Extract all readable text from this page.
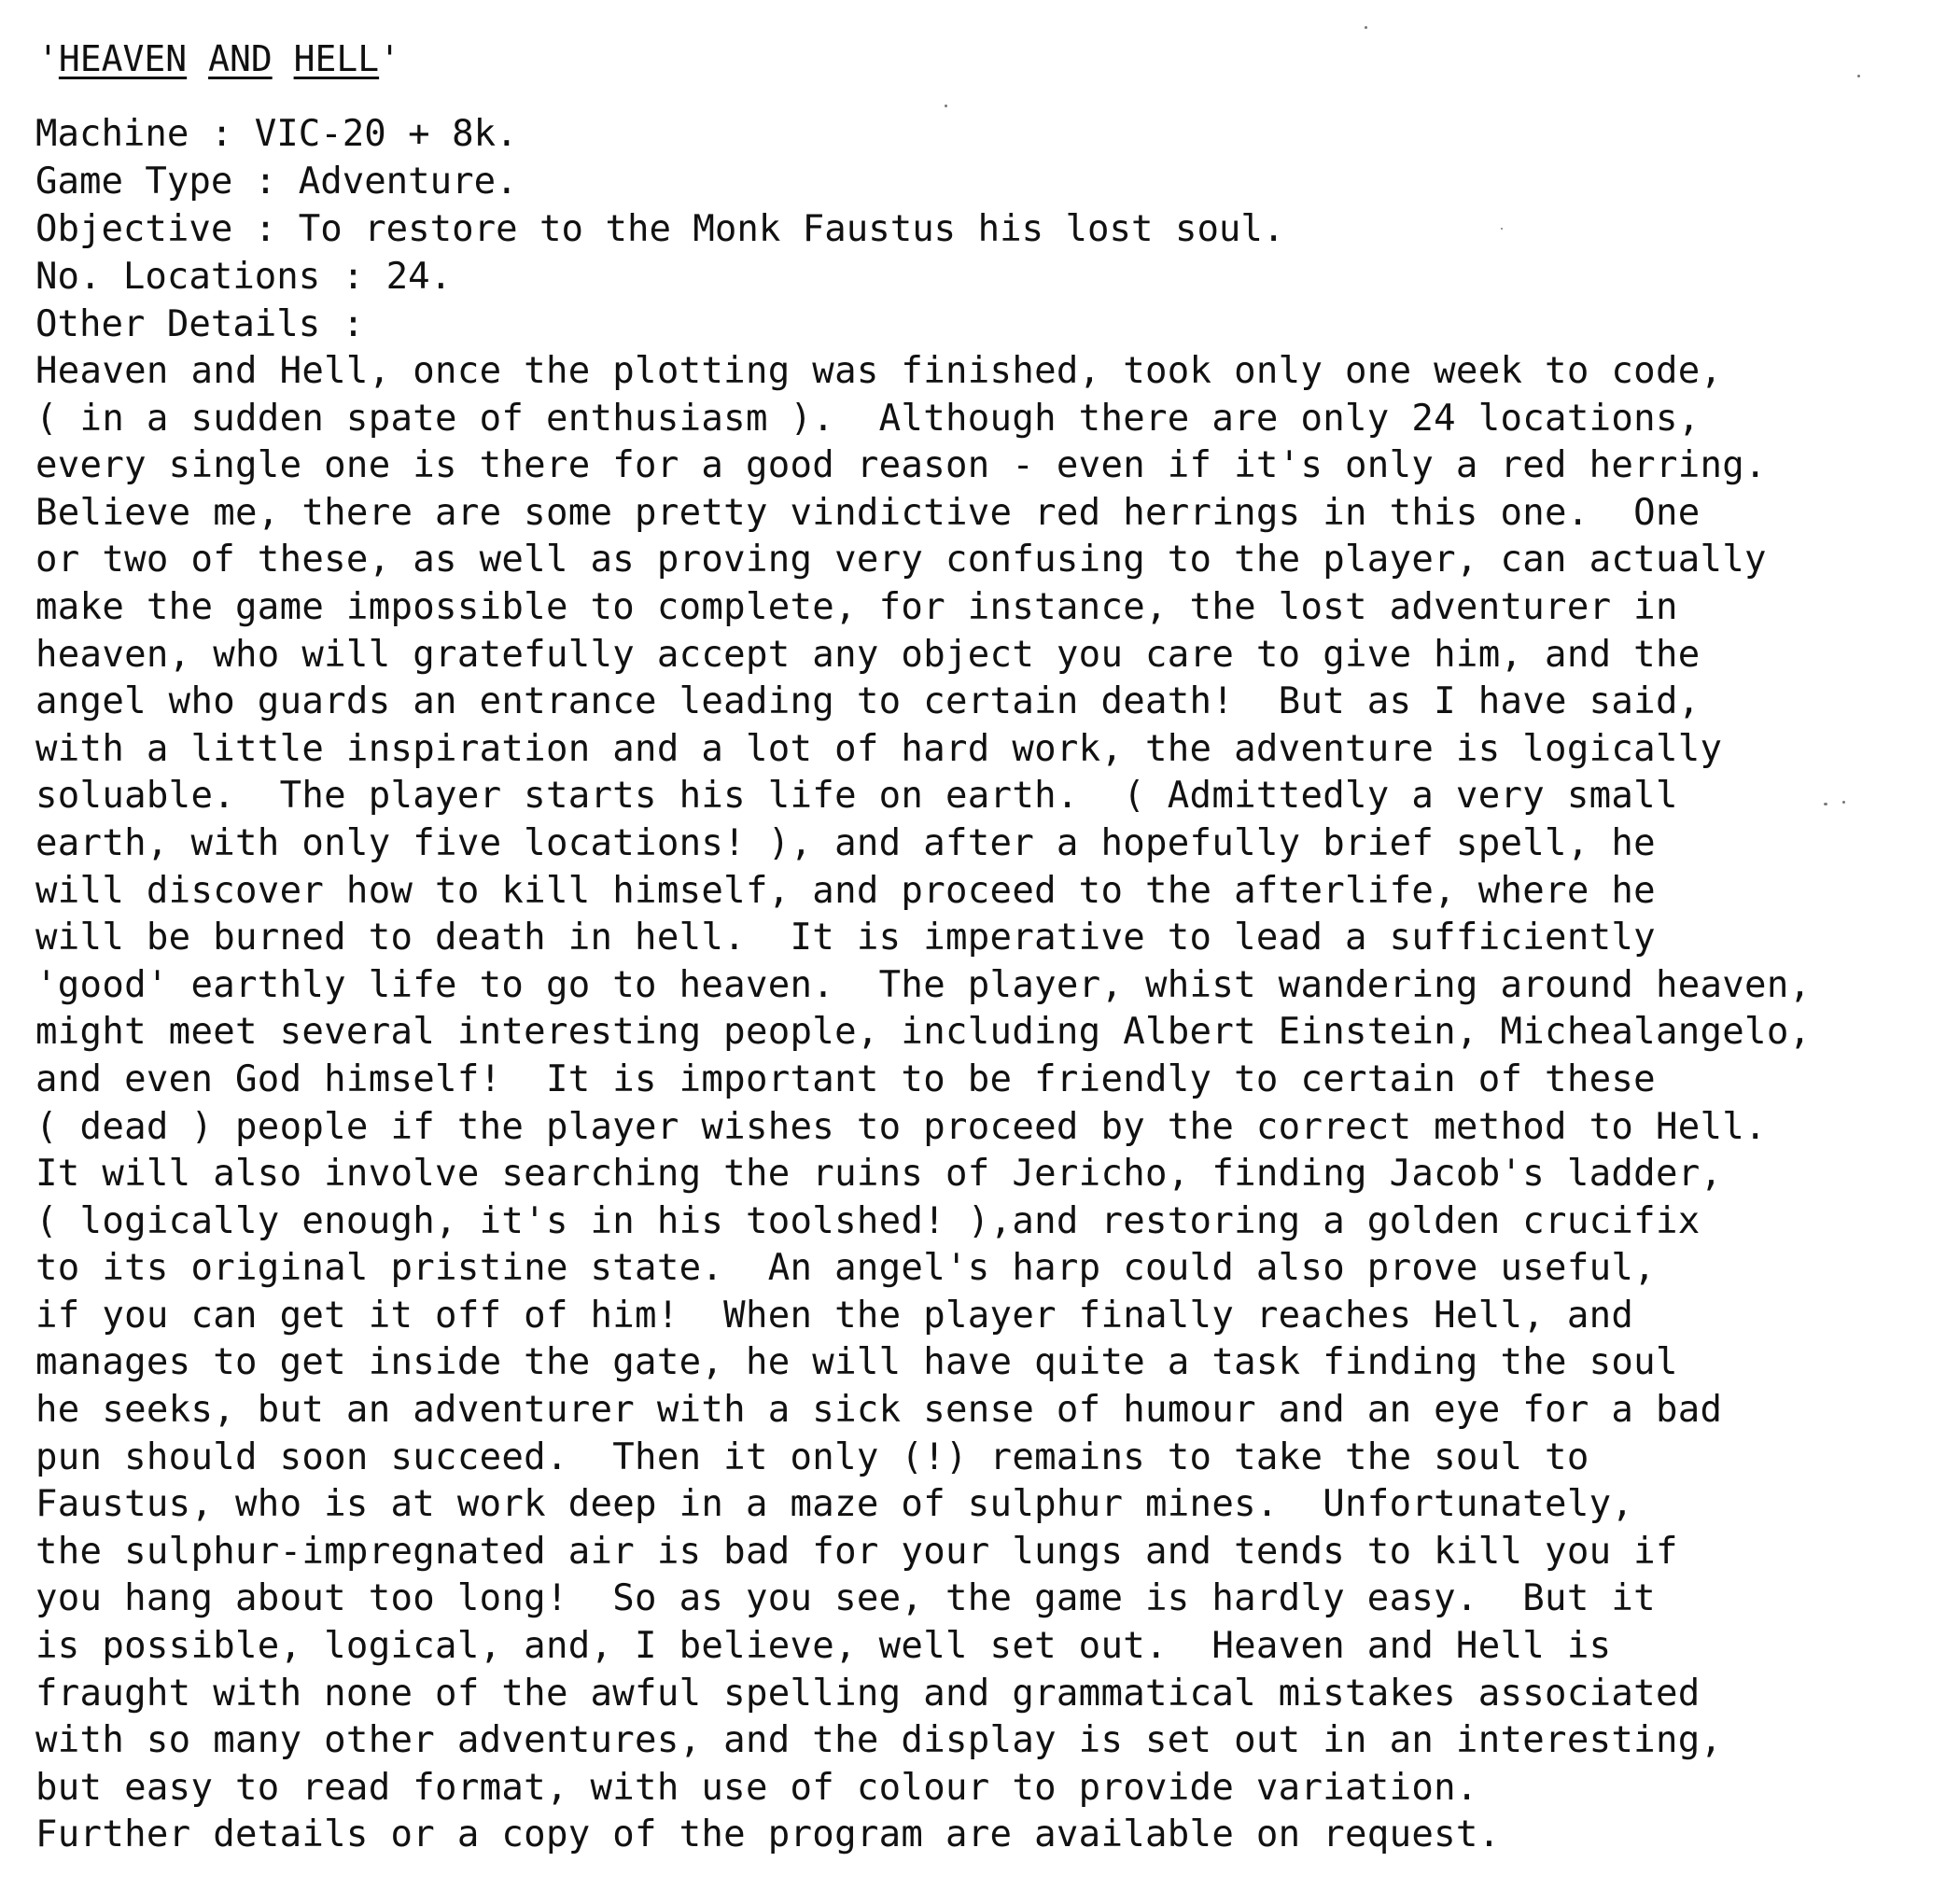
'HEAVEN AND HELL'
Machine : VIC-20 + 8k.
Game Type : Adventure.
Objective : To restore to the Monk Faustus his lost soul.
No. Locations : 24.
Other Details :
Heaven and Hell, once the plotting was finished, took only one week to code,
( in a sudden spate of enthusiasm ).  Although there are only 24 locations,
every single one is there for a good reason - even if it's only a red herring.
Believe me, there are some pretty vindictive red herrings in this one.  One
or two of these, as well as proving very confusing to the player, can actually
make the game impossible to complete, for instance, the lost adventurer in
heaven, who will gratefully accept any object you care to give him, and the
angel who guards an entrance leading to certain death!  But as I have said,
with a little inspiration and a lot of hard work, the adventure is logically
soluable.  The player starts his life on earth.  ( Admittedly a very small
earth, with only five locations! ), and after a hopefully brief spell, he
will discover how to kill himself, and proceed to the afterlife, where he
will be burned to death in hell.  It is imperative to lead a sufficiently
'good' earthly life to go to heaven.  The player, whist wandering around heaven,
might meet several interesting people, including Albert Einstein, Michealangelo,
and even God himself!  It is important to be friendly to certain of these
( dead ) people if the player wishes to proceed by the correct method to Hell.
It will also involve searching the ruins of Jericho, finding Jacob's ladder,
( logically enough, it's in his toolshed! ),and restoring a golden crucifix
to its original pristine state.  An angel's harp could also prove useful,
if you can get it off of him!  When the player finally reaches Hell, and
manages to get inside the gate, he will have quite a task finding the soul
he seeks, but an adventurer with a sick sense of humour and an eye for a bad
pun should soon succeed.  Then it only (!) remains to take the soul to
Faustus, who is at work deep in a maze of sulphur mines.  Unfortunately,
the sulphur-impregnated air is bad for your lungs and tends to kill you if
you hang about too long!  So as you see, the game is hardly easy.  But it
is possible, logical, and, I believe, well set out.  Heaven and Hell is
fraught with none of the awful spelling and grammatical mistakes associated
with so many other adventures, and the display is set out in an interesting,
but easy to read format, with use of colour to provide variation.
Further details or a copy of the program are available on request.
